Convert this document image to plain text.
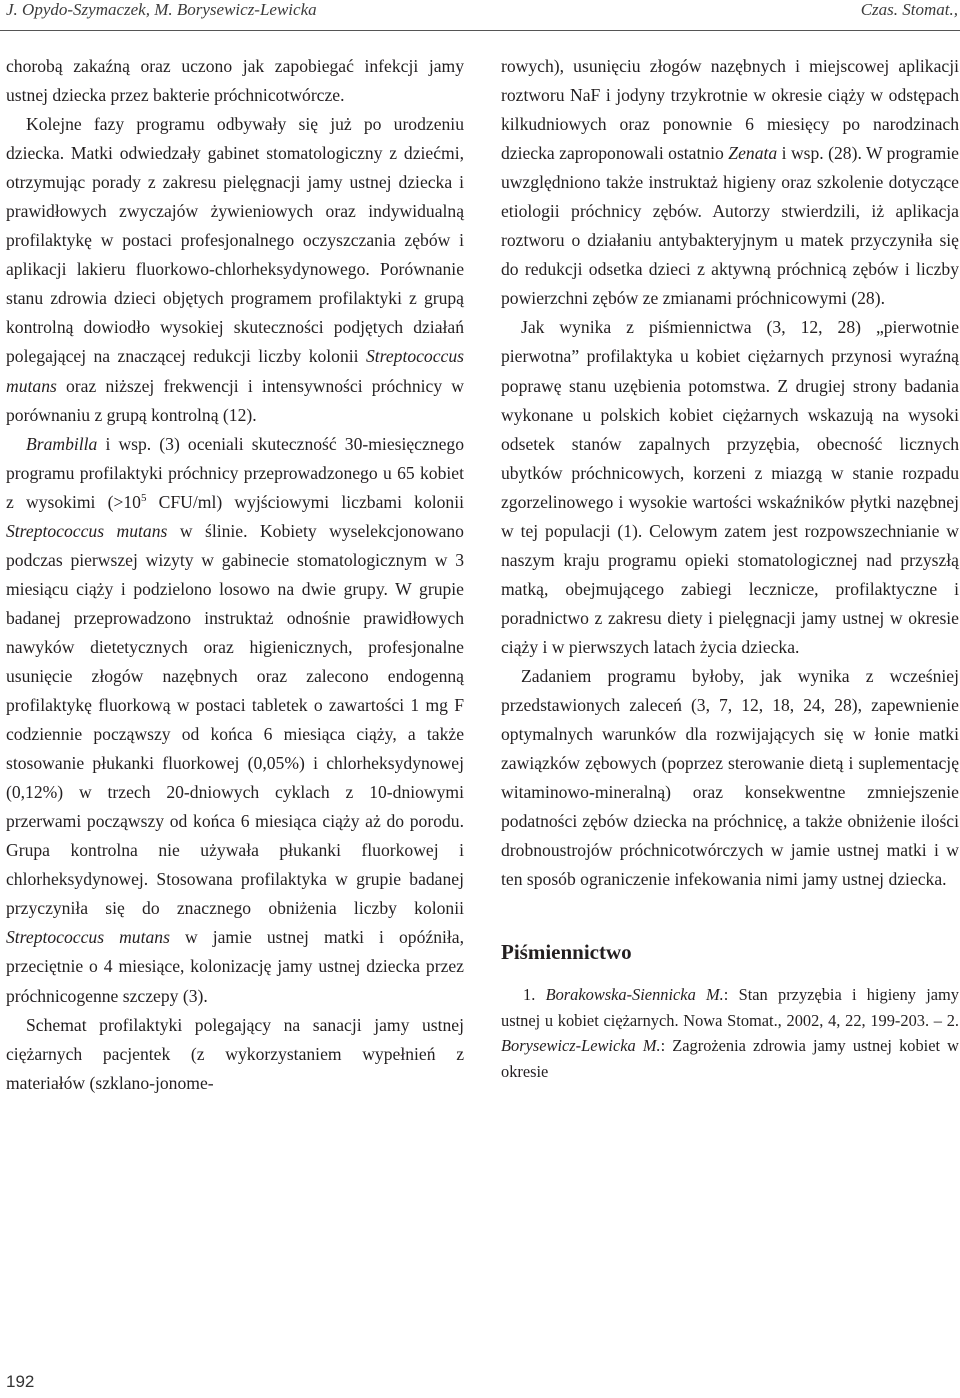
J. Opydo-Szymaczek, M. Borysewicz-Lewicka	Czas. Stomat.,

chorobą zakaźną oraz uczono jak zapobiegać infekcji jamy ustnej dziecka przez bakterie próchnicotwórcze.

Kolejne fazy programu odbywały się już po urodzeniu dziecka. Matki odwiedzały gabinet stomatologiczny z dziećmi, otrzymując porady z zakresu pielęgnacji jamy ustnej dziecka i prawidłowych zwyczajów żywieniowych oraz indywidualną profilaktykę w postaci profesjonalnego oczyszczania zębów i aplikacji lakieru fluorkowo-chlorheksydynowego. Porównanie stanu zdrowia dzieci objętych programem profilaktyki z grupą kontrolną dowiodło wysokiej skuteczności podjętych działań polegającej na znaczącej redukcji liczby kolonii Streptococcus mutans oraz niższej frekwencji i intensywności próchnicy w porównaniu z grupą kontrolną (12).

Brambilla i wsp. (3) oceniali skuteczność 30-miesięcznego programu profilaktyki próchnicy przeprowadzonego u 65 kobiet z wysokimi ($>10^5$ CFU/ml) wyjściowymi liczbami kolonii Streptococcus mutans w ślinie. Kobiety wyselekcjonowano podczas pierwszej wizyty w gabinecie stomatologicznym w 3 miesiącu ciąży i podzielono losowo na dwie grupy. W grupie badanej przeprowadzono instruktaż odnośnie prawidłowych nawyków dietetycznych oraz higienicznych, profesjonalne usunięcie złogów nazębnych oraz zalecono endogenną profilaktykę fluorkową w postaci tabletek o zawartości 1 mg F codziennie począwszy od końca 6 miesiąca ciąży, a także stosowanie płukanki fluorkowej (0,05%) i chlorheksydynowej (0,12%) w trzech 20-dniowych cyklach z 10-dniowymi przerwami począwszy od końca 6 miesiąca ciąży aż do porodu. Grupa kontrolna nie używała płukanki fluorkowej i chlorheksydynowej. Stosowana profilaktyka w grupie badanej przyczyniła się do znacznego obniżenia liczby kolonii Streptococcus mutans w jamie ustnej matki i opóźniła, przeciętnie o 4 miesiące, kolonizację jamy ustnej dziecka przez próchnicogenne szczepy (3).

Schemat profilaktyki polegający na sanacji jamy ustnej ciężarnych pacjentek (z wykorzystaniem wypełnień z materiałów (szklano-jonome-

rowych), usunięciu złogów nazębnych i miejscowej aplikacji roztworu NaF i jodyny trzykrotnie w okresie ciąży w odstępach kilkudniowych oraz ponownie 6 miesięcy po narodzinach dziecka zaproponowali ostatnio Zenata i wsp. (28). W programie uwzględniono także instruktaż higieny oraz szkolenie dotyczące etiologii próchnicy zębów. Autorzy stwierdzili, iż aplikacja roztworu o działaniu antybakteryjnym u matek przyczyniła się do redukcji odsetka dzieci z aktywną próchnicą zębów i liczby powierzchni zębów ze zmianami próchnicowymi (28).

Jak wynika z piśmiennictwa (3, 12, 28) „pierwotnie pierwotna” profilaktyka u kobiet ciężarnych przynosi wyraźną poprawę stanu uzębienia potomstwa. Z drugiej strony badania wykonane u polskich kobiet ciężarnych wskazują na wysoki odsetek stanów zapalnych przyzębia, obecność licznych ubytków próchnicowych, korzeni z miazgą w stanie rozpadu zgorzelinowego i wysokie wartości wskaźników płytki nazębnej w tej populacji (1). Celowym zatem jest rozpowszechnianie w naszym kraju programu opieki stomatologicznej nad przyszłą matką, obejmującego zabiegi lecznicze, profilaktyczne i poradnictwo z zakresu diety i pielęgnacji jamy ustnej w okresie ciąży i w pierwszych latach życia dziecka.

Zadaniem programu byłoby, jak wynika z wcześniej przedstawionych zaleceń (3, 7, 12, 18, 24, 28), zapewnienie optymalnych warunków dla rozwijających się w łonie matki zawiązków zębowych (poprzez sterowanie dietą i suplementację witaminowo-mineralną) oraz konsekwentne zmniejszenie podatności zębów dziecka na próchnicę, a także obniżenie ilości drobnoustrojów próchnicotwórczych w jamie ustnej matki i w ten sposób ograniczenie infekowania nimi jamy ustnej dziecka.

Piśmiennictwo

1. Borakowska-Siennicka M.: Stan przyzębia i higieny jamy ustnej u kobiet ciężarnych. Nowa Stomat., 2002, 4, 22, 199-203. – 2. Borysewicz-Lewicka M.: Zagrożenia zdrowia jamy ustnej kobiet w okresie

192
